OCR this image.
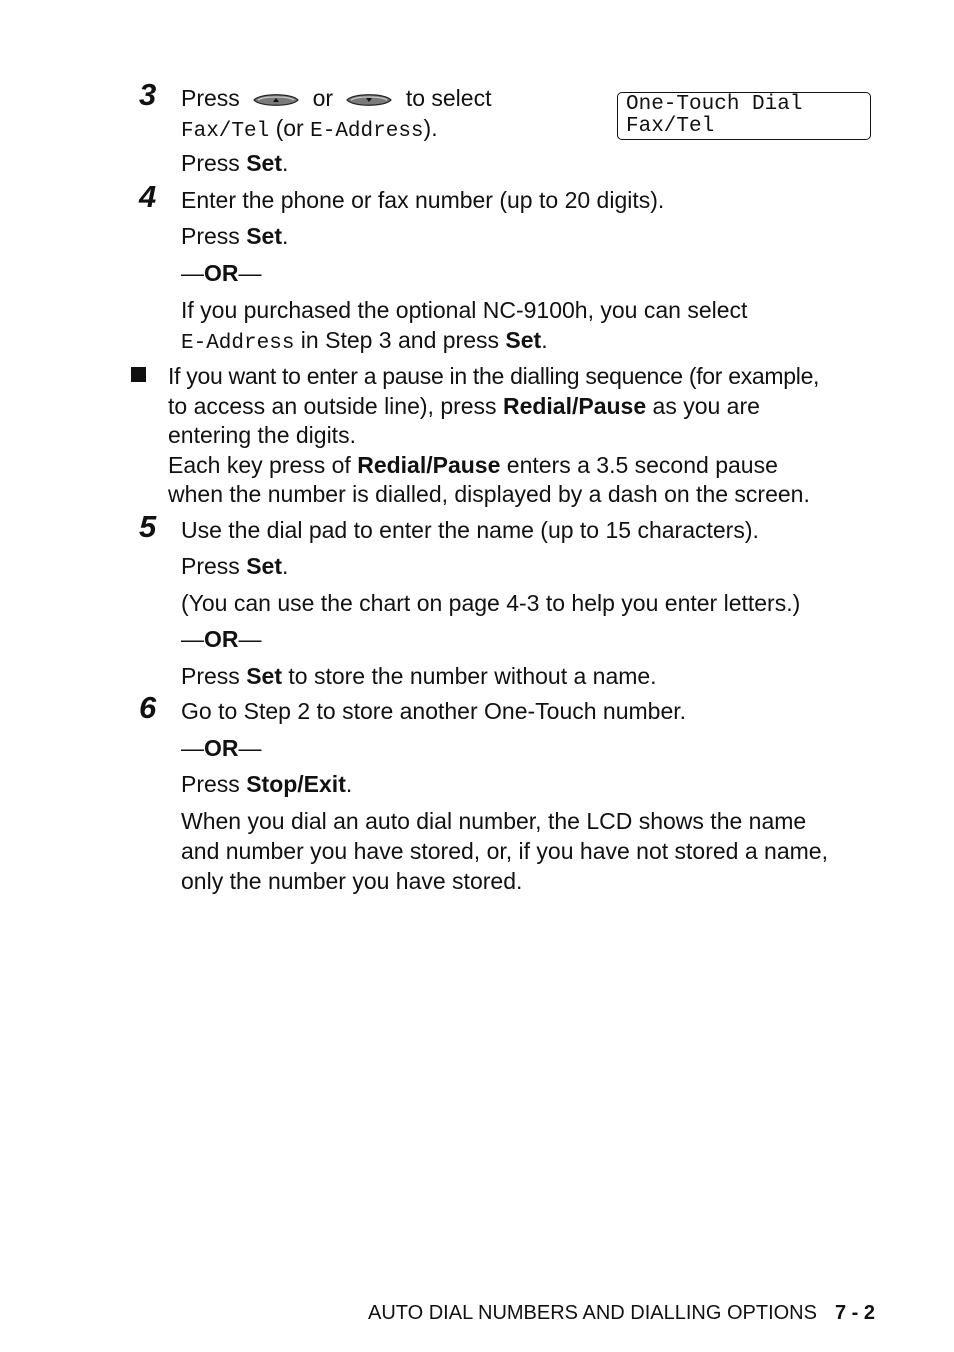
3 Press	or	to select
Fax/Tel (or E-Address).
Press Set.
One-Touch Dial
Fax/Tel
4 Enter the phone or fax number (up to 20 digits).
Press Set.
—OR—
If you purchased the optional NC-9100h, you can select
E-Address in Step 3 and press Set.
If you want to enter a pause in the dialling sequence (for example,
to access an outside line), press Redial/Pause as you are
entering the digits.
Each key press of Redial/Pause enters a 3.5 second pause
when the number is dialled, displayed by a dash on the screen.
5 Use the dial pad to enter the name (up to 15 characters).
Press Set.
(You can use the chart on page 4-3 to help you enter letters.)
—OR—
Press Set to store the number without a name.
6 Go to Step 2 to store another One-Touch number.
—OR—
Press Stop/Exit.
When you dial an auto dial number, the LCD shows the name
and number you have stored, or, if you have not stored a name,
only the number you have stored.
AUTO DIAL NUMBERS AND DIALLING OPTIONS 7 - 2
